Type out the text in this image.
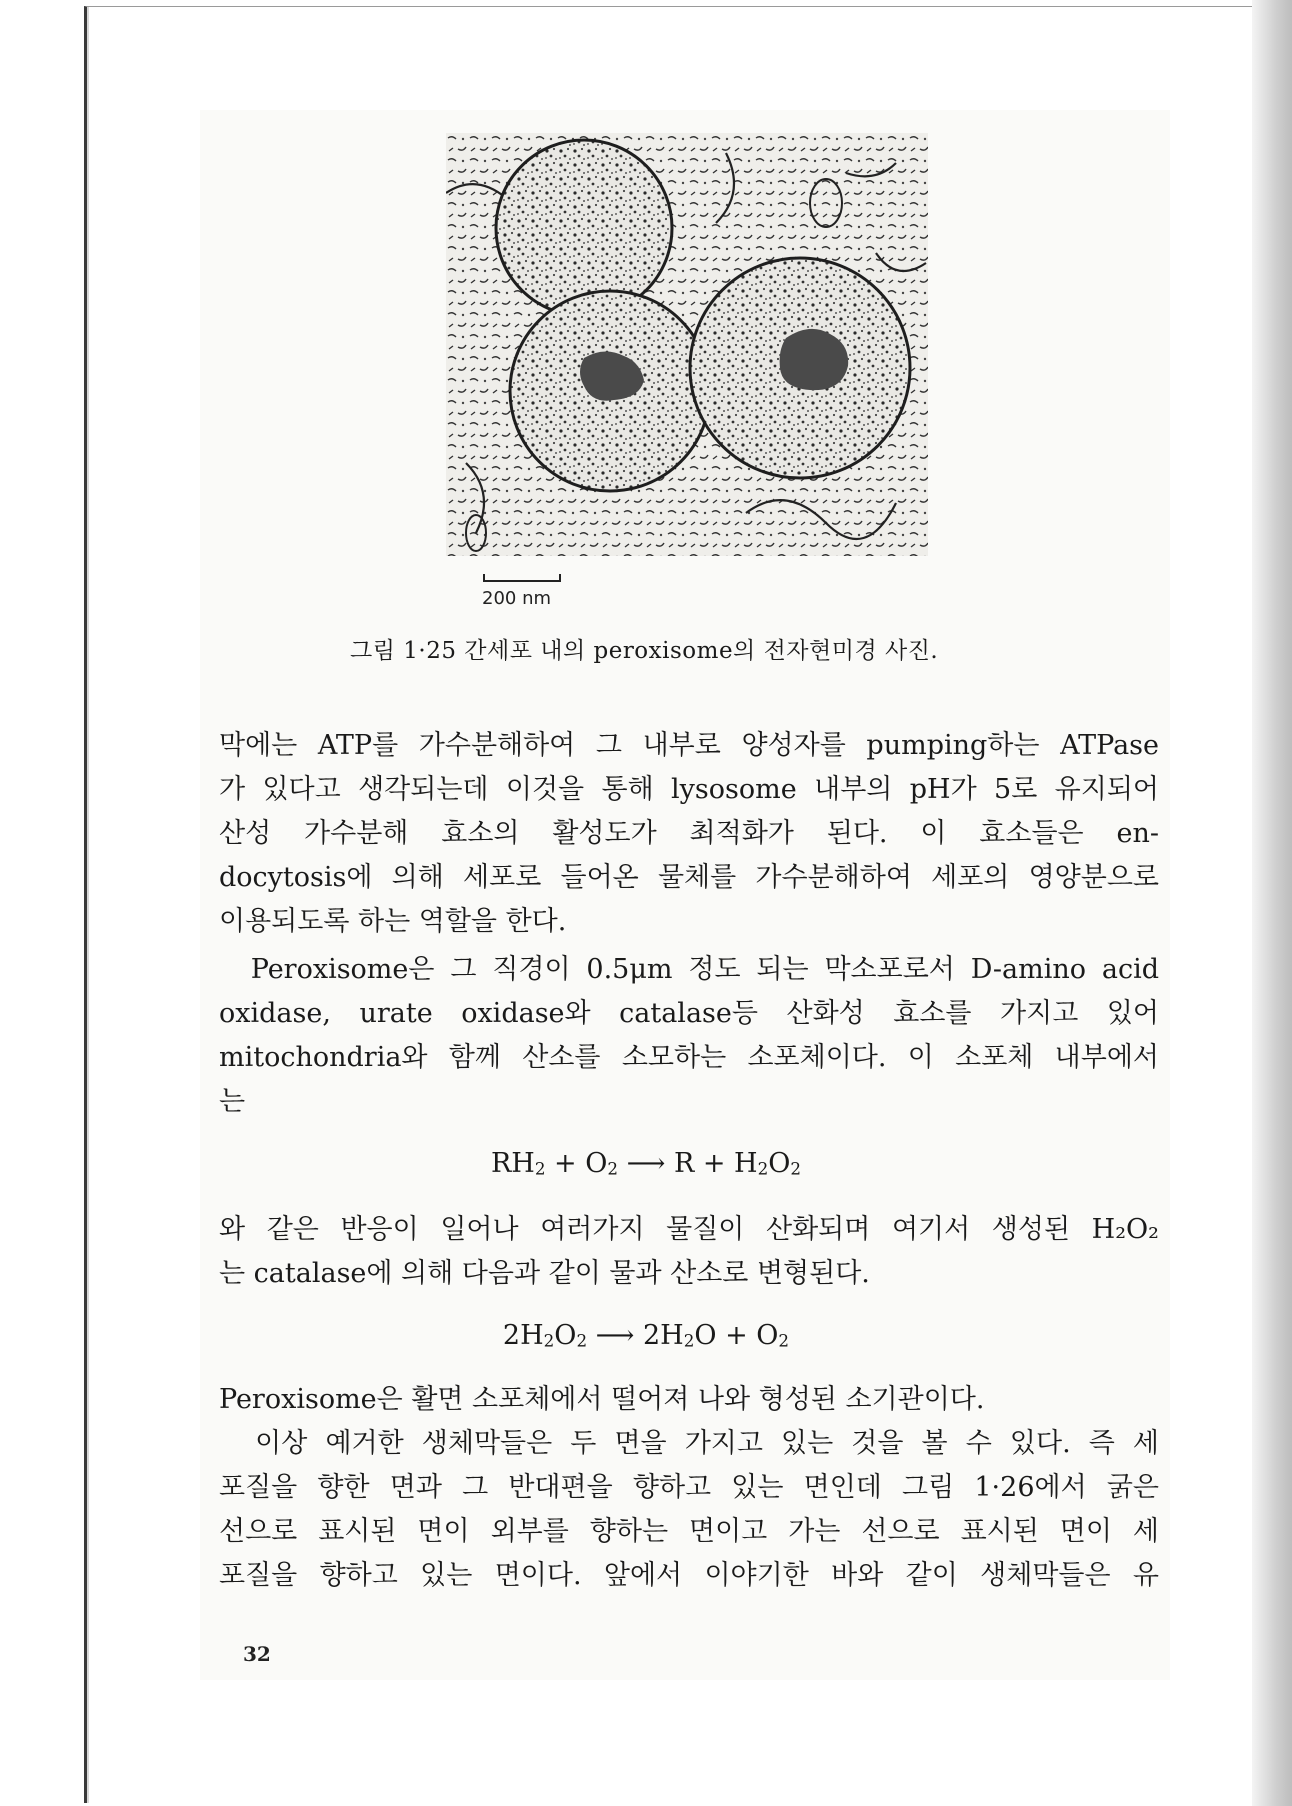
200 nm
그림 1·25 간세포 내의 peroxisome의 전자현미경 사진.
막에는 ATP를 가수분해하여 그 내부로 양성자를 pumping하는 ATPase
가 있다고 생각되는데 이것을 통해 lysosome 내부의 pH가 5로 유지되어
산성 가수분해 효소의 활성도가 최적화가 된다. 이 효소들은 en-
docytosis에 의해 세포로 들어온 물체를 가수분해하여 세포의 영양분으로
이용되도록 하는 역할을 한다.
Peroxisome은 그 직경이 0.5μm 정도 되는 막소포로서 D-amino acid
oxidase, urate oxidase와 catalase등 산화성 효소를 가지고 있어
mitochondria와 함께 산소를 소모하는 소포체이다. 이 소포체 내부에서
는
$RH_2 + O_2$ ⟶ $R + H_2O_2$
와 같은 반응이 일어나 여러가지 물질이 산화되며 여기서 생성된 H₂O₂
는 catalase에 의해 다음과 같이 물과 산소로 변형된다.
$2H_2O_2$ ⟶ $2H_2O + O_2$
Peroxisome은 활면 소포체에서 떨어져 나와 형성된 소기관이다.
이상 예거한 생체막들은 두 면을 가지고 있는 것을 볼 수 있다. 즉 세
포질을 향한 면과 그 반대편을 향하고 있는 면인데 그림 1·26에서 굵은
선으로 표시된 면이 외부를 향하는 면이고 가는 선으로 표시된 면이 세
포질을 향하고 있는 면이다. 앞에서 이야기한 바와 같이 생체막들은 유
32
